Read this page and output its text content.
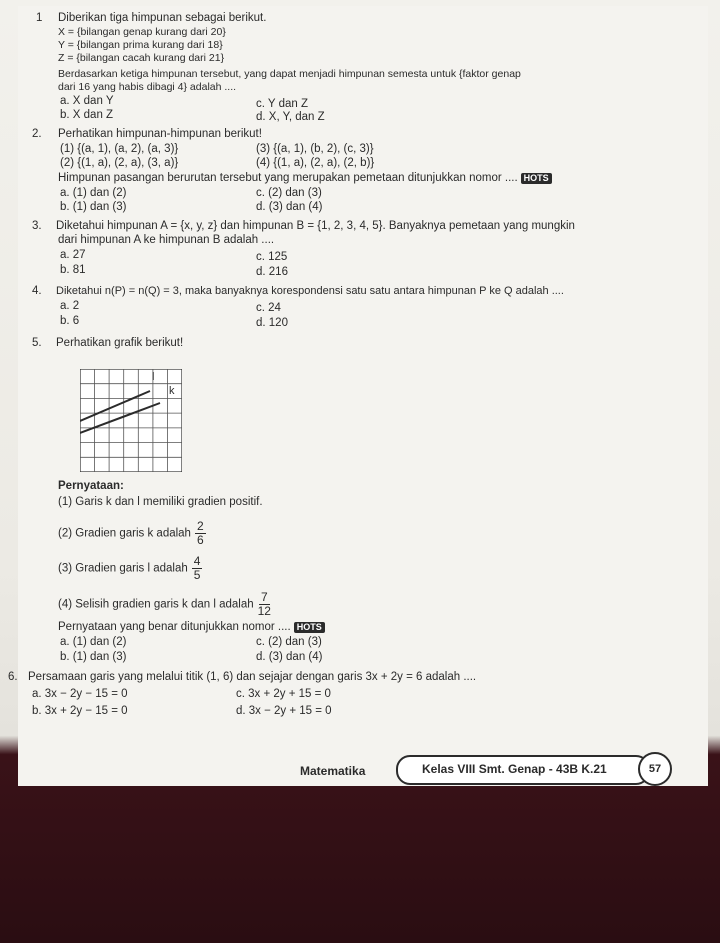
1 Diberikan tiga himpunan sebagai berikut.
X = {bilangan genap kurang dari 20}
Y = {bilangan prima kurang dari 18}
Z = {bilangan cacah kurang dari 21}
Berdasarkan ketiga himpunan tersebut, yang dapat menjadi himpunan semesta untuk {faktor genap
dari 16 yang habis dibagi 4} adalah ....
a. X dan Y
b. X dan Z
c. Y dan Z
d. X, Y, dan Z
2. Perhatikan himpunan-himpunan berikut!
(1) {(a, 1), (a, 2), (a, 3)}
(2) {(1, a), (2, a), (3, a)}
(3) {(a, 1), (b, 2), (c, 3)}
(4) {(1, a), (2, a), (2, b)}
Himpunan pasangan berurutan tersebut yang merupakan pemetaan ditunjukkan nomor .... HOTS
a. (1) dan (2)
b. (1) dan (3)
c. (2) dan (3)
d. (3) dan (4)
3. Diketahui himpunan A = {x, y, z} dan himpunan B = {1, 2, 3, 4, 5}. Banyaknya pemetaan yang mungkin
dari himpunan A ke himpunan B adalah ....
a. 27
b. 81
c. 125
d. 216
4. Diketahui n(P) = n(Q) = 3, maka banyaknya korespondensi satu satu antara himpunan P ke Q adalah ....
a. 2
b. 6
c. 24
d. 120
5. Perhatikan grafik berikut!
k
l
Pernyataan:
(1) Garis k dan l memiliki gradien positif.
(2) Gradien garis k adalah $\frac{2}{6}$
(3) Gradien garis l adalah $\frac{4}{5}$
(4) Selisih gradien garis k dan l adalah $\frac{7}{12}$
Pernyataan yang benar ditunjukkan nomor .... HOTS
a. (1) dan (2)
b. (1) dan (3)
c. (2) dan (3)
d. (3) dan (4)
6. Persamaan garis yang melalui titik (1, 6) dan sejajar dengan garis 3x + 2y = 6 adalah ....
a. 3x − 2y − 15 = 0
b. 3x + 2y − 15 = 0
c. 3x + 2y + 15 = 0
d. 3x − 2y + 15 = 0
Matematika	Kelas VIII Smt. Genap - 43B K.21	57
